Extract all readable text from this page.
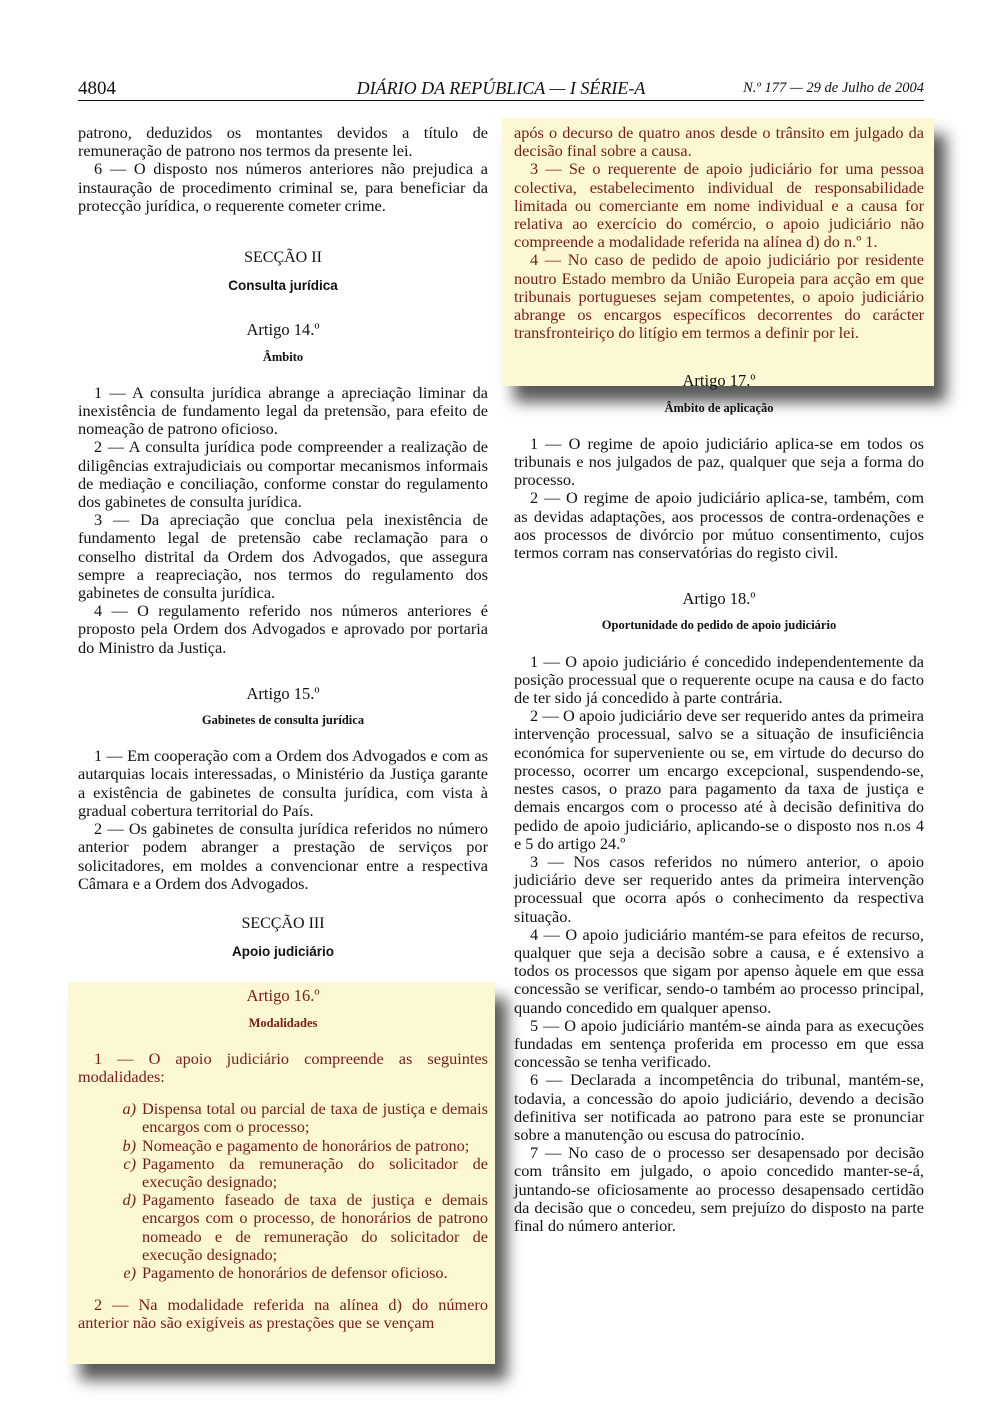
4804	DIÁRIO DA REPÚBLICA — I SÉRIE-A	N.º 177 — 29 de Julho de 2004

patrono, deduzidos os montantes devidos a título de remuneração de patrono nos termos da presente lei.

6 — O disposto nos números anteriores não prejudica a instauração de procedimento criminal se, para beneficiar da protecção jurídica, o requerente cometer crime.

SECÇÃO II
Consulta jurídica
Artigo 14.º
Âmbito

1 — A consulta jurídica abrange a apreciação liminar da inexistência de fundamento legal da pretensão, para efeito de nomeação de patrono oficioso.

2 — A consulta jurídica pode compreender a realização de diligências extrajudiciais ou comportar mecanismos informais de mediação e conciliação, conforme constar do regulamento dos gabinetes de consulta jurídica.

3 — Da apreciação que conclua pela inexistência de fundamento legal de pretensão cabe reclamação para o conselho distrital da Ordem dos Advogados, que assegura sempre a reapreciação, nos termos do regulamento dos gabinetes de consulta jurídica.

4 — O regulamento referido nos números anteriores é proposto pela Ordem dos Advogados e aprovado por portaria do Ministro da Justiça.

Artigo 15.º
Gabinetes de consulta jurídica

1 — Em cooperação com a Ordem dos Advogados e com as autarquias locais interessadas, o Ministério da Justiça garante a existência de gabinetes de consulta jurídica, com vista à gradual cobertura territorial do País.

2 — Os gabinetes de consulta jurídica referidos no número anterior podem abranger a prestação de serviços por solicitadores, em moldes a convencionar entre a respectiva Câmara e a Ordem dos Advogados.

SECÇÃO III
Apoio judiciário
Artigo 16.º
Modalidades

1 — O apoio judiciário compreende as seguintes modalidades:

a) Dispensa total ou parcial de taxa de justiça e demais encargos com o processo;
b) Nomeação e pagamento de honorários de patrono;
c) Pagamento da remuneração do solicitador de execução designado;
d) Pagamento faseado de taxa de justiça e demais encargos com o processo, de honorários de patrono nomeado e de remuneração do solicitador de execução designado;
e) Pagamento de honorários de defensor oficioso.

2 — Na modalidade referida na alínea d) do número anterior não são exigíveis as prestações que se vençam

após o decurso de quatro anos desde o trânsito em julgado da decisão final sobre a causa.

3 — Se o requerente de apoio judiciário for uma pessoa colectiva, estabelecimento individual de responsabilidade limitada ou comerciante em nome individual e a causa for relativa ao exercício do comércio, o apoio judiciário não compreende a modalidade referida na alínea d) do n.º 1.

4 — No caso de pedido de apoio judiciário por residente noutro Estado membro da União Europeia para acção em que tribunais portugueses sejam competentes, o apoio judiciário abrange os encargos específicos decorrentes do carácter transfronteiriço do litígio em termos a definir por lei.

Artigo 17.º
Âmbito de aplicação

1 — O regime de apoio judiciário aplica-se em todos os tribunais e nos julgados de paz, qualquer que seja a forma do processo.

2 — O regime de apoio judiciário aplica-se, também, com as devidas adaptações, aos processos de contra-ordenações e aos processos de divórcio por mútuo consentimento, cujos termos corram nas conservatórias do registo civil.

Artigo 18.º
Oportunidade do pedido de apoio judiciário

1 — O apoio judiciário é concedido independentemente da posição processual que o requerente ocupe na causa e do facto de ter sido já concedido à parte contrária.

2 — O apoio judiciário deve ser requerido antes da primeira intervenção processual, salvo se a situação de insuficiência económica for superveniente ou se, em virtude do decurso do processo, ocorrer um encargo excepcional, suspendendo-se, nestes casos, o prazo para pagamento da taxa de justiça e demais encargos com o processo até à decisão definitiva do pedido de apoio judiciário, aplicando-se o disposto nos n.os 4 e 5 do artigo 24.º

3 — Nos casos referidos no número anterior, o apoio judiciário deve ser requerido antes da primeira intervenção processual que ocorra após o conhecimento da respectiva situação.

4 — O apoio judiciário mantém-se para efeitos de recurso, qualquer que seja a decisão sobre a causa, e é extensivo a todos os processos que sigam por apenso àquele em que essa concessão se verificar, sendo-o também ao processo principal, quando concedido em qualquer apenso.

5 — O apoio judiciário mantém-se ainda para as execuções fundadas em sentença proferida em processo em que essa concessão se tenha verificado.

6 — Declarada a incompetência do tribunal, mantém-se, todavia, a concessão do apoio judiciário, devendo a decisão definitiva ser notificada ao patrono para este se pronunciar sobre a manutenção ou escusa do patrocínio.

7 — No caso de o processo ser desapensado por decisão com trânsito em julgado, o apoio concedido manter-se-á, juntando-se oficiosamente ao processo desapensado certidão da decisão que o concedeu, sem prejuízo do disposto na parte final do número anterior.
